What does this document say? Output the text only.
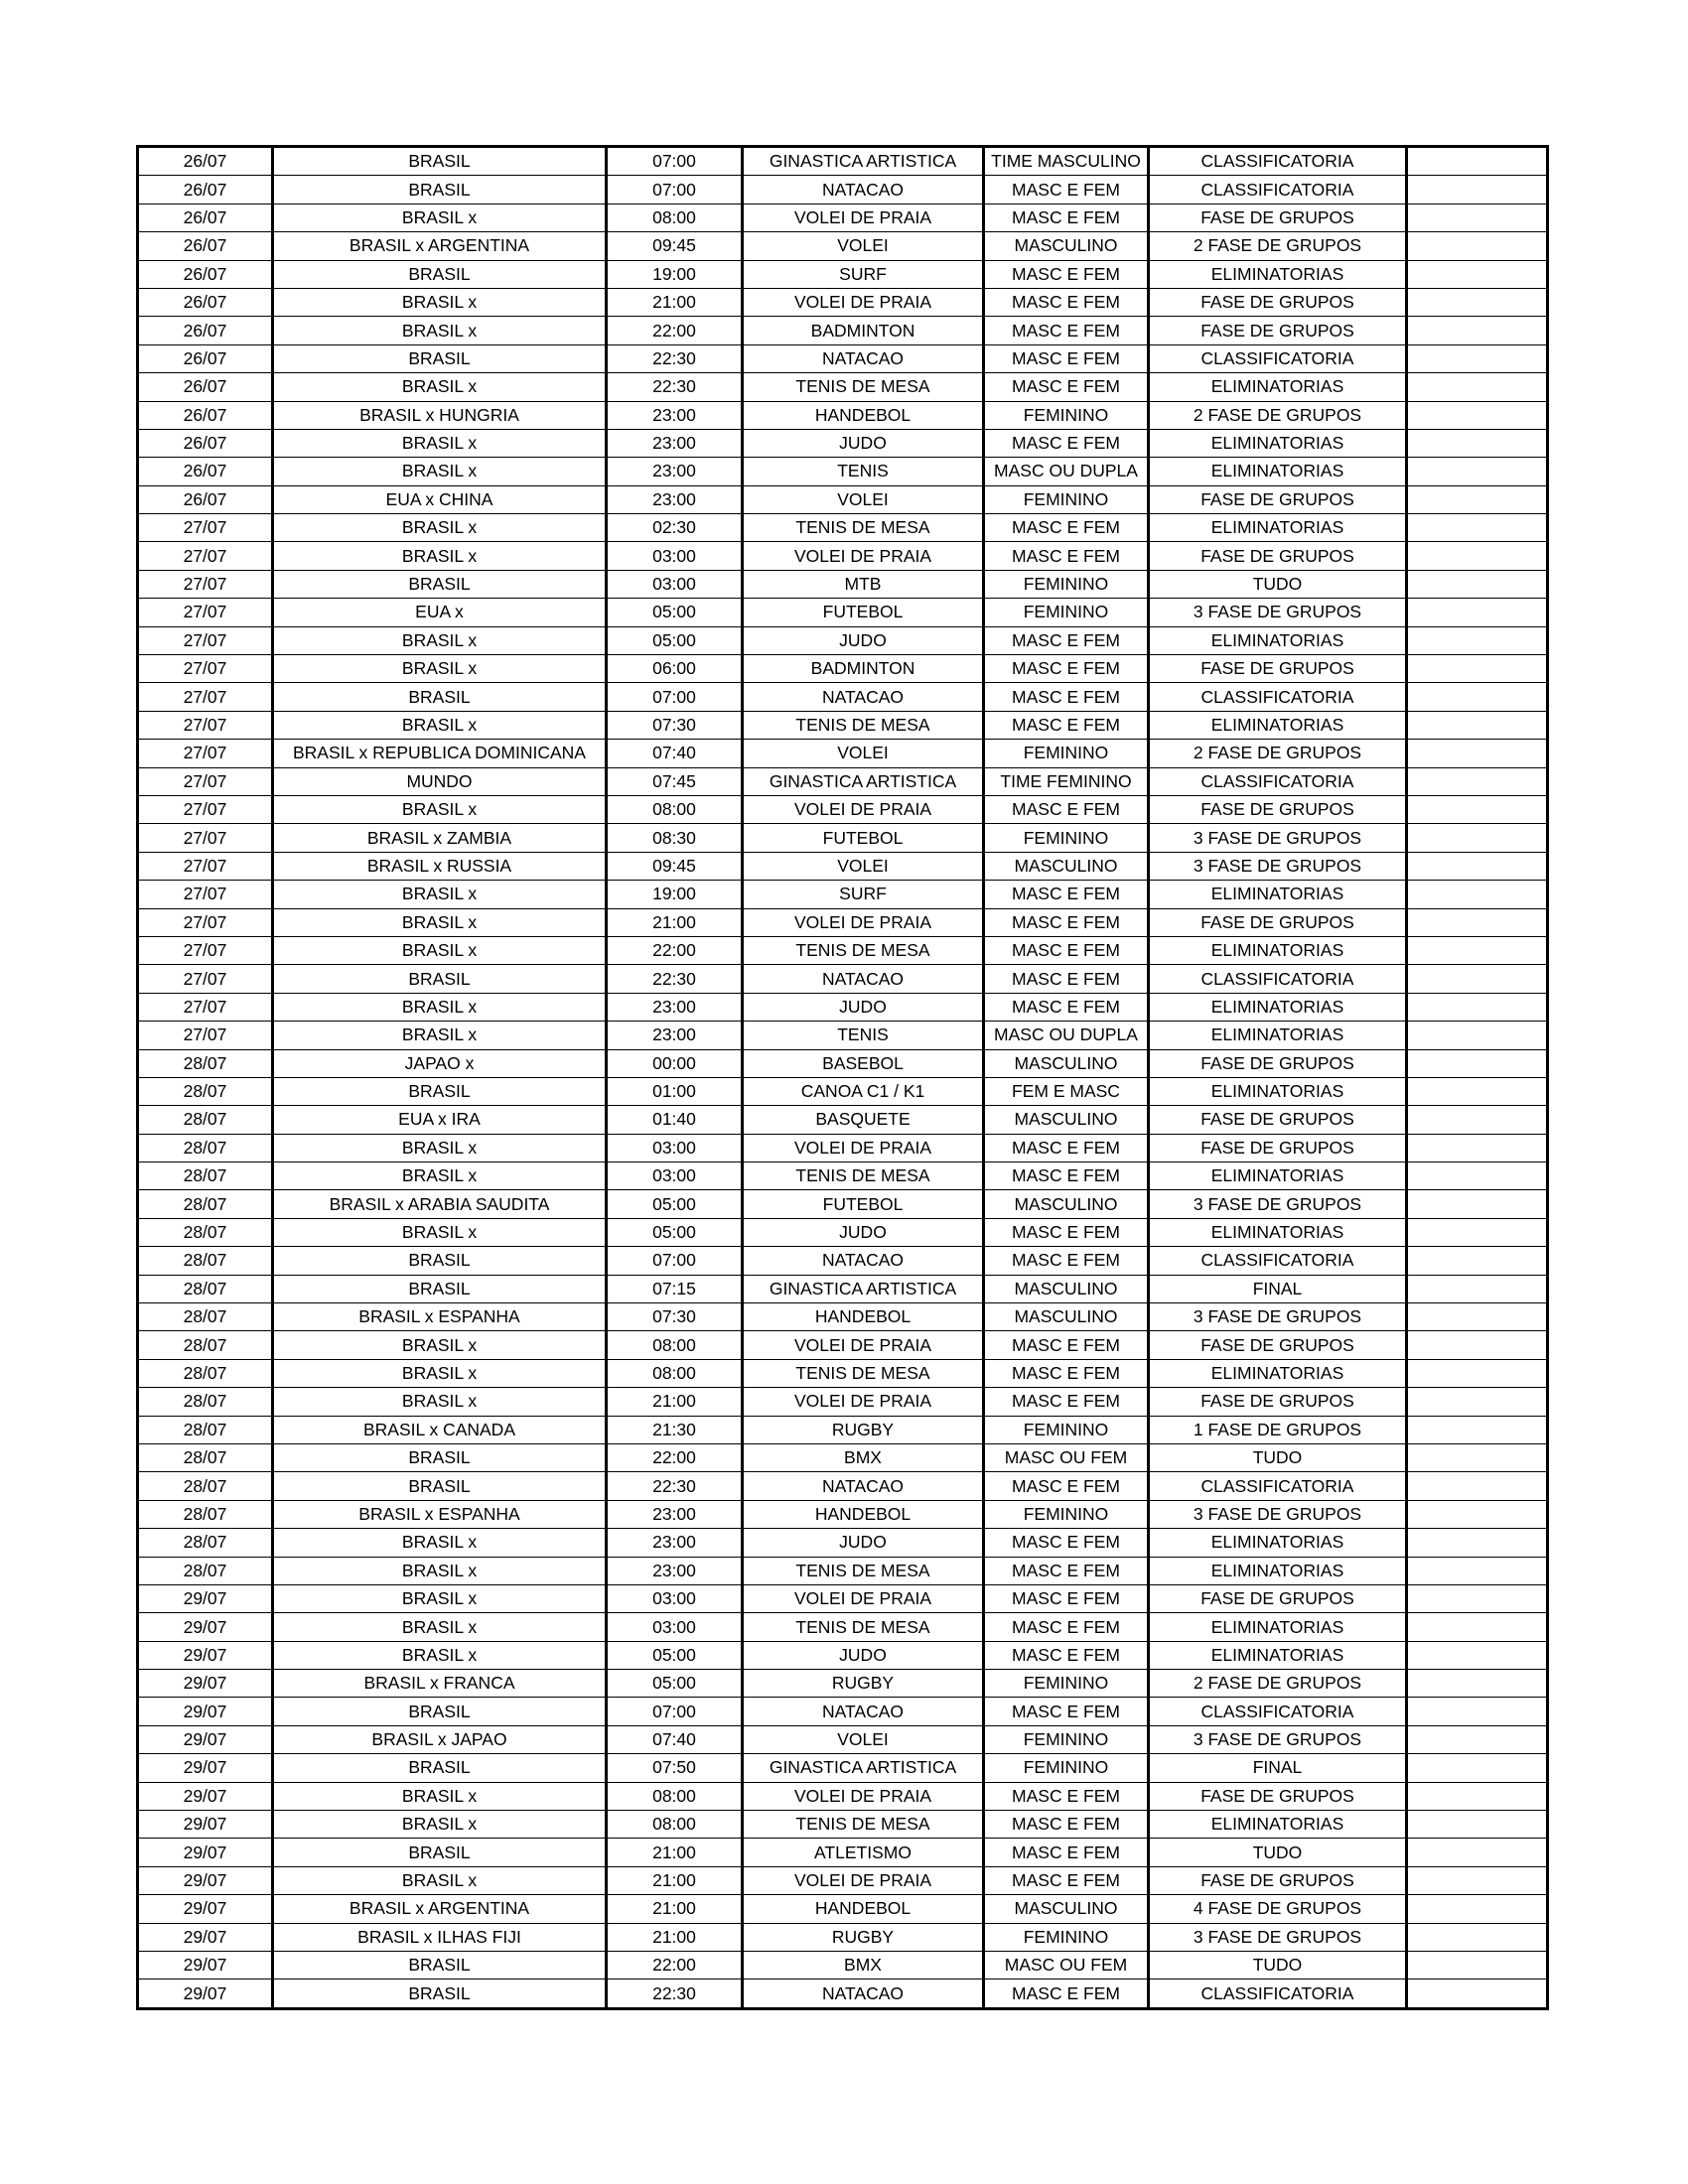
26/07	BRASIL	07:00	GINASTICA ARTISTICA	TIME MASCULINO	CLASSIFICATORIA	
26/07	BRASIL	07:00	NATACAO	MASC E FEM	CLASSIFICATORIA	
26/07	BRASIL x	08:00	VOLEI DE PRAIA	MASC E FEM	FASE DE GRUPOS	
26/07	BRASIL x ARGENTINA	09:45	VOLEI	MASCULINO	2 FASE DE GRUPOS	
26/07	BRASIL	19:00	SURF	MASC E FEM	ELIMINATORIAS	
26/07	BRASIL x	21:00	VOLEI DE PRAIA	MASC E FEM	FASE DE GRUPOS	
26/07	BRASIL x	22:00	BADMINTON	MASC E FEM	FASE DE GRUPOS	
26/07	BRASIL	22:30	NATACAO	MASC E FEM	CLASSIFICATORIA	
26/07	BRASIL x	22:30	TENIS DE MESA	MASC E FEM	ELIMINATORIAS	
26/07	BRASIL x HUNGRIA	23:00	HANDEBOL	FEMININO	2 FASE DE GRUPOS	
26/07	BRASIL x	23:00	JUDO	MASC E FEM	ELIMINATORIAS	
26/07	BRASIL x	23:00	TENIS	MASC OU DUPLA	ELIMINATORIAS	
26/07	EUA x CHINA	23:00	VOLEI	FEMININO	FASE DE GRUPOS	
27/07	BRASIL x	02:30	TENIS DE MESA	MASC E FEM	ELIMINATORIAS	
27/07	BRASIL x	03:00	VOLEI DE PRAIA	MASC E FEM	FASE DE GRUPOS	
27/07	BRASIL	03:00	MTB	FEMININO	TUDO	
27/07	EUA x	05:00	FUTEBOL	FEMININO	3 FASE DE GRUPOS	
27/07	BRASIL x	05:00	JUDO	MASC E FEM	ELIMINATORIAS	
27/07	BRASIL x	06:00	BADMINTON	MASC E FEM	FASE DE GRUPOS	
27/07	BRASIL	07:00	NATACAO	MASC E FEM	CLASSIFICATORIA	
27/07	BRASIL x	07:30	TENIS DE MESA	MASC E FEM	ELIMINATORIAS	
27/07	BRASIL x REPUBLICA DOMINICANA	07:40	VOLEI	FEMININO	2 FASE DE GRUPOS	
27/07	MUNDO	07:45	GINASTICA ARTISTICA	TIME FEMININO	CLASSIFICATORIA	
27/07	BRASIL x	08:00	VOLEI DE PRAIA	MASC E FEM	FASE DE GRUPOS	
27/07	BRASIL x ZAMBIA	08:30	FUTEBOL	FEMININO	3 FASE DE GRUPOS	
27/07	BRASIL x RUSSIA	09:45	VOLEI	MASCULINO	3 FASE DE GRUPOS	
27/07	BRASIL x	19:00	SURF	MASC E FEM	ELIMINATORIAS	
27/07	BRASIL x	21:00	VOLEI DE PRAIA	MASC E FEM	FASE DE GRUPOS	
27/07	BRASIL x	22:00	TENIS DE MESA	MASC E FEM	ELIMINATORIAS	
27/07	BRASIL	22:30	NATACAO	MASC E FEM	CLASSIFICATORIA	
27/07	BRASIL x	23:00	JUDO	MASC E FEM	ELIMINATORIAS	
27/07	BRASIL x	23:00	TENIS	MASC OU DUPLA	ELIMINATORIAS	
28/07	JAPAO x	00:00	BASEBOL	MASCULINO	FASE DE GRUPOS	
28/07	BRASIL	01:00	CANOA C1 / K1	FEM E MASC	ELIMINATORIAS	
28/07	EUA x IRA	01:40	BASQUETE	MASCULINO	FASE DE GRUPOS	
28/07	BRASIL x	03:00	VOLEI DE PRAIA	MASC E FEM	FASE DE GRUPOS	
28/07	BRASIL x	03:00	TENIS DE MESA	MASC E FEM	ELIMINATORIAS	
28/07	BRASIL x ARABIA SAUDITA	05:00	FUTEBOL	MASCULINO	3 FASE DE GRUPOS	
28/07	BRASIL x	05:00	JUDO	MASC E FEM	ELIMINATORIAS	
28/07	BRASIL	07:00	NATACAO	MASC E FEM	CLASSIFICATORIA	
28/07	BRASIL	07:15	GINASTICA ARTISTICA	MASCULINO	FINAL	
28/07	BRASIL x ESPANHA	07:30	HANDEBOL	MASCULINO	3 FASE DE GRUPOS	
28/07	BRASIL x	08:00	VOLEI DE PRAIA	MASC E FEM	FASE DE GRUPOS	
28/07	BRASIL x	08:00	TENIS DE MESA	MASC E FEM	ELIMINATORIAS	
28/07	BRASIL x	21:00	VOLEI DE PRAIA	MASC E FEM	FASE DE GRUPOS	
28/07	BRASIL x CANADA	21:30	RUGBY	FEMININO	1 FASE DE GRUPOS	
28/07	BRASIL	22:00	BMX	MASC OU FEM	TUDO	
28/07	BRASIL	22:30	NATACAO	MASC E FEM	CLASSIFICATORIA	
28/07	BRASIL x ESPANHA	23:00	HANDEBOL	FEMININO	3 FASE DE GRUPOS	
28/07	BRASIL x	23:00	JUDO	MASC E FEM	ELIMINATORIAS	
28/07	BRASIL x	23:00	TENIS DE MESA	MASC E FEM	ELIMINATORIAS	
29/07	BRASIL x	03:00	VOLEI DE PRAIA	MASC E FEM	FASE DE GRUPOS	
29/07	BRASIL x	03:00	TENIS DE MESA	MASC E FEM	ELIMINATORIAS	
29/07	BRASIL x	05:00	JUDO	MASC E FEM	ELIMINATORIAS	
29/07	BRASIL x FRANCA	05:00	RUGBY	FEMININO	2 FASE DE GRUPOS	
29/07	BRASIL	07:00	NATACAO	MASC E FEM	CLASSIFICATORIA	
29/07	BRASIL x JAPAO	07:40	VOLEI	FEMININO	3 FASE DE GRUPOS	
29/07	BRASIL	07:50	GINASTICA ARTISTICA	FEMININO	FINAL	
29/07	BRASIL x	08:00	VOLEI DE PRAIA	MASC E FEM	FASE DE GRUPOS	
29/07	BRASIL x	08:00	TENIS DE MESA	MASC E FEM	ELIMINATORIAS	
29/07	BRASIL	21:00	ATLETISMO	MASC E FEM	TUDO	
29/07	BRASIL x	21:00	VOLEI DE PRAIA	MASC E FEM	FASE DE GRUPOS	
29/07	BRASIL x ARGENTINA	21:00	HANDEBOL	MASCULINO	4 FASE DE GRUPOS	
29/07	BRASIL x ILHAS FIJI	21:00	RUGBY	FEMININO	3 FASE DE GRUPOS	
29/07	BRASIL	22:00	BMX	MASC OU FEM	TUDO	
29/07	BRASIL	22:30	NATACAO	MASC E FEM	CLASSIFICATORIA	
